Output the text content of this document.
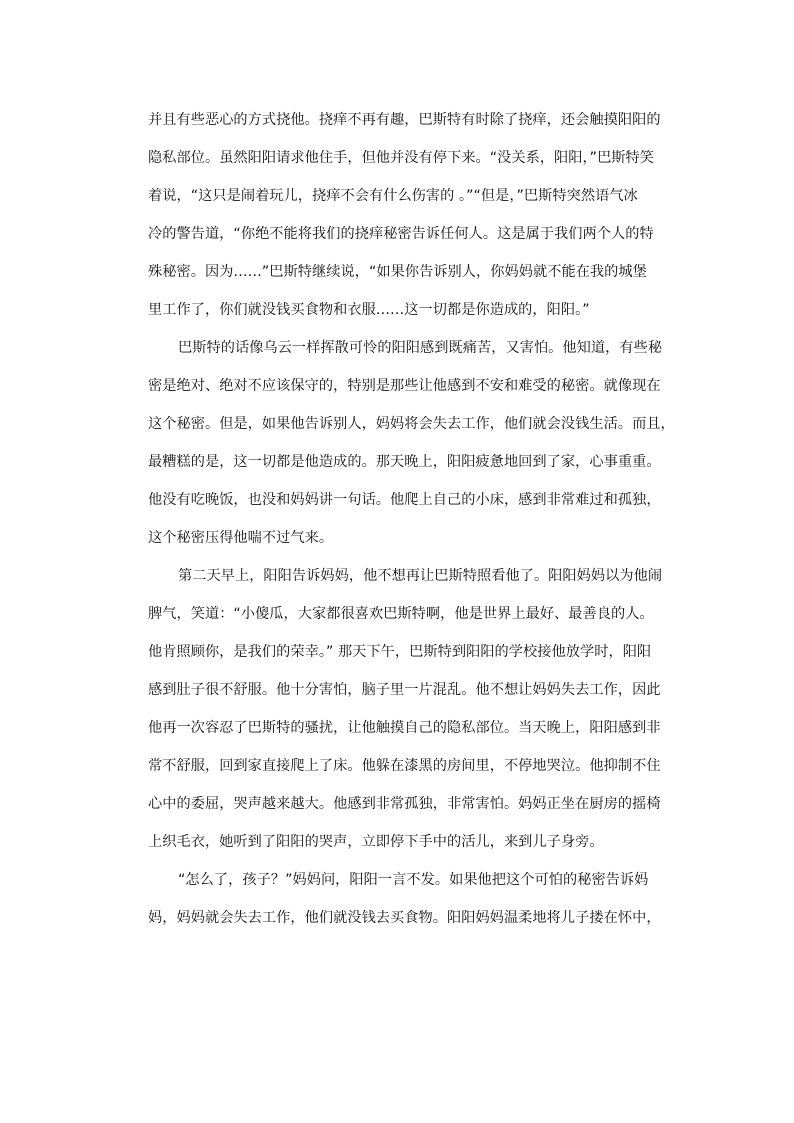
并且有些恶心的方式挠他。挠痒不再有趣，巴斯特有时除了挠痒，还会触摸阳阳的
隐私部位。虽然阳阳请求他住手，但他并没有停下来。“没关系，阳阳，”巴斯特笑
着说，“这只是闹着玩儿，挠痒不会有什么伤害的 。”“但是，”巴斯特突然语气冰
冷的警告道，“你绝不能将我们的挠痒秘密告诉任何人。这是属于我们两个人的特
殊秘密。因为……”巴斯特继续说，“如果你告诉别人，你妈妈就不能在我的城堡
里工作了，你们就没钱买食物和衣服……这一切都是你造成的，阳阳。”
巴斯特的话像乌云一样挥散可怜的阳阳感到既痛苦，又害怕。他知道，有些秘
密是绝对、绝对不应该保守的，特别是那些让他感到不安和难受的秘密。就像现在
这个秘密。但是，如果他告诉别人，妈妈将会失去工作，他们就会没钱生活。而且，
最糟糕的是，这一切都是他造成的。那天晚上，阳阳疲惫地回到了家，心事重重。
他没有吃晚饭，也没和妈妈讲一句话。他爬上自己的小床，感到非常难过和孤独，
这个秘密压得他喘不过气来。
第二天早上，阳阳告诉妈妈，他不想再让巴斯特照看他了。阳阳妈妈以为他闹
脾气，笑道：“小傻瓜，大家都很喜欢巴斯特啊，他是世界上最好、最善良的人。
他肯照顾你，是我们的荣幸。” 那天下午，巴斯特到阳阳的学校接他放学时，阳阳
感到肚子很不舒服。他十分害怕，脑子里一片混乱。他不想让妈妈失去工作，因此
他再一次容忍了巴斯特的骚扰，让他触摸自己的隐私部位。当天晚上，阳阳感到非
常不舒服，回到家直接爬上了床。他躲在漆黑的房间里，不停地哭泣。他抑制不住
心中的委屈，哭声越来越大。他感到非常孤独，非常害怕。妈妈正坐在厨房的摇椅
上织毛衣，她听到了阳阳的哭声，立即停下手中的活儿，来到儿子身旁。
“怎么了，孩子？”妈妈问，阳阳一言不发。如果他把这个可怕的秘密告诉妈
妈，妈妈就会失去工作，他们就没钱去买食物。阳阳妈妈温柔地将儿子搂在怀中，
